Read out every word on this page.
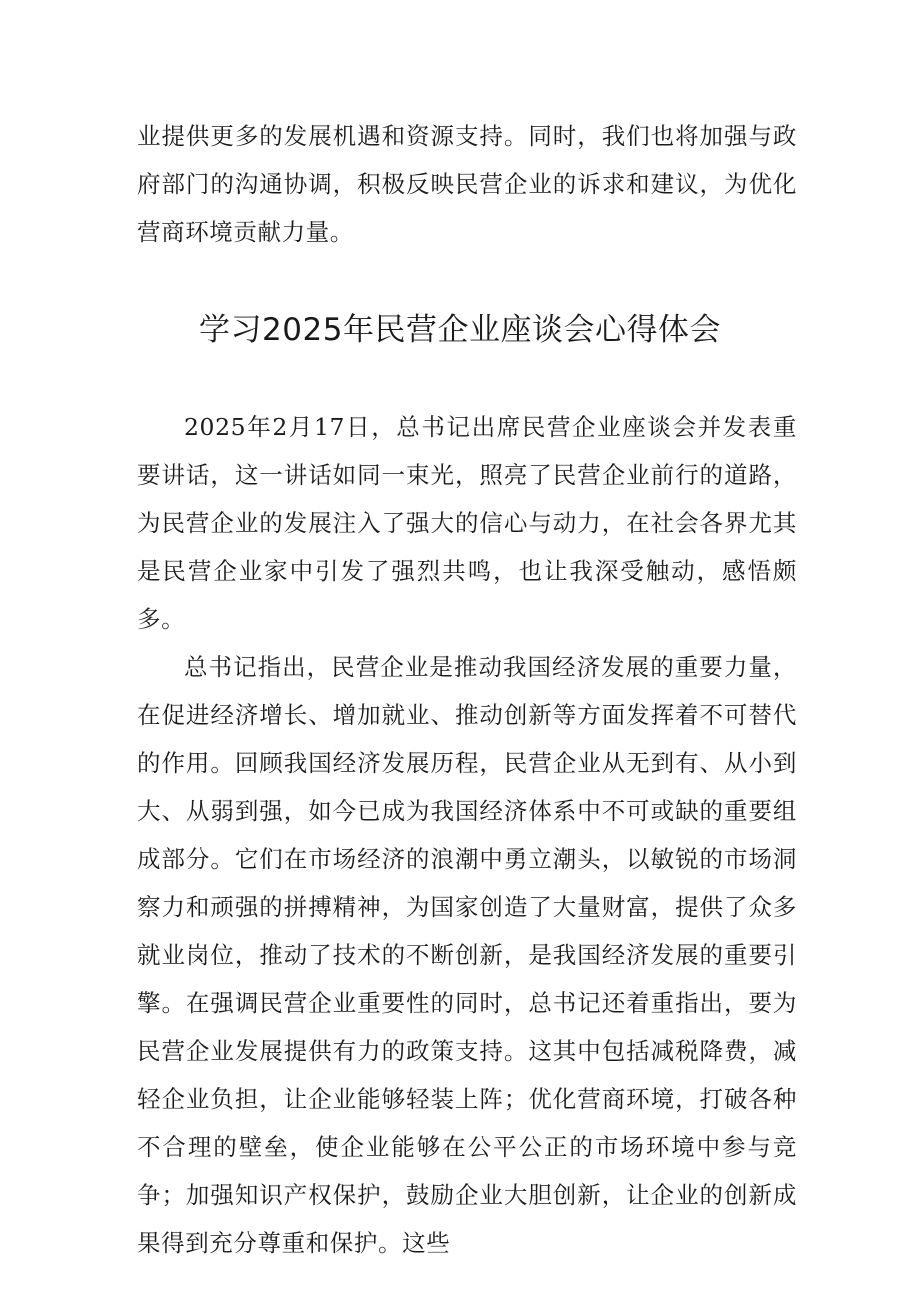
业提供更多的发展机遇和资源支持。同时，我们也将加强与政府部门的沟通协调，积极反映民营企业的诉求和建议，为优化营商环境贡献力量。

学习2025年民营企业座谈会心得体会

2025年2月17日，总书记出席民营企业座谈会并发表重要讲话，这一讲话如同一束光，照亮了民营企业前行的道路，为民营企业的发展注入了强大的信心与动力，在社会各界尤其是民营企业家中引发了强烈共鸣，也让我深受触动，感悟颇多。

总书记指出，民营企业是推动我国经济发展的重要力量，在促进经济增长、增加就业、推动创新等方面发挥着不可替代的作用。回顾我国经济发展历程，民营企业从无到有、从小到大、从弱到强，如今已成为我国经济体系中不可或缺的重要组成部分。它们在市场经济的浪潮中勇立潮头，以敏锐的市场洞察力和顽强的拼搏精神，为国家创造了大量财富，提供了众多就业岗位，推动了技术的不断创新，是我国经济发展的重要引擎。在强调民营企业重要性的同时，总书记还着重指出，要为民营企业发展提供有力的政策支持。这其中包括减税降费，减轻企业负担，让企业能够轻装上阵；优化营商环境，打破各种不合理的壁垒，使企业能够在公平公正的市场环境中参与竞争；加强知识产权保护，鼓励企业大胆创新，让企业的创新成果得到充分尊重和保护。这些
